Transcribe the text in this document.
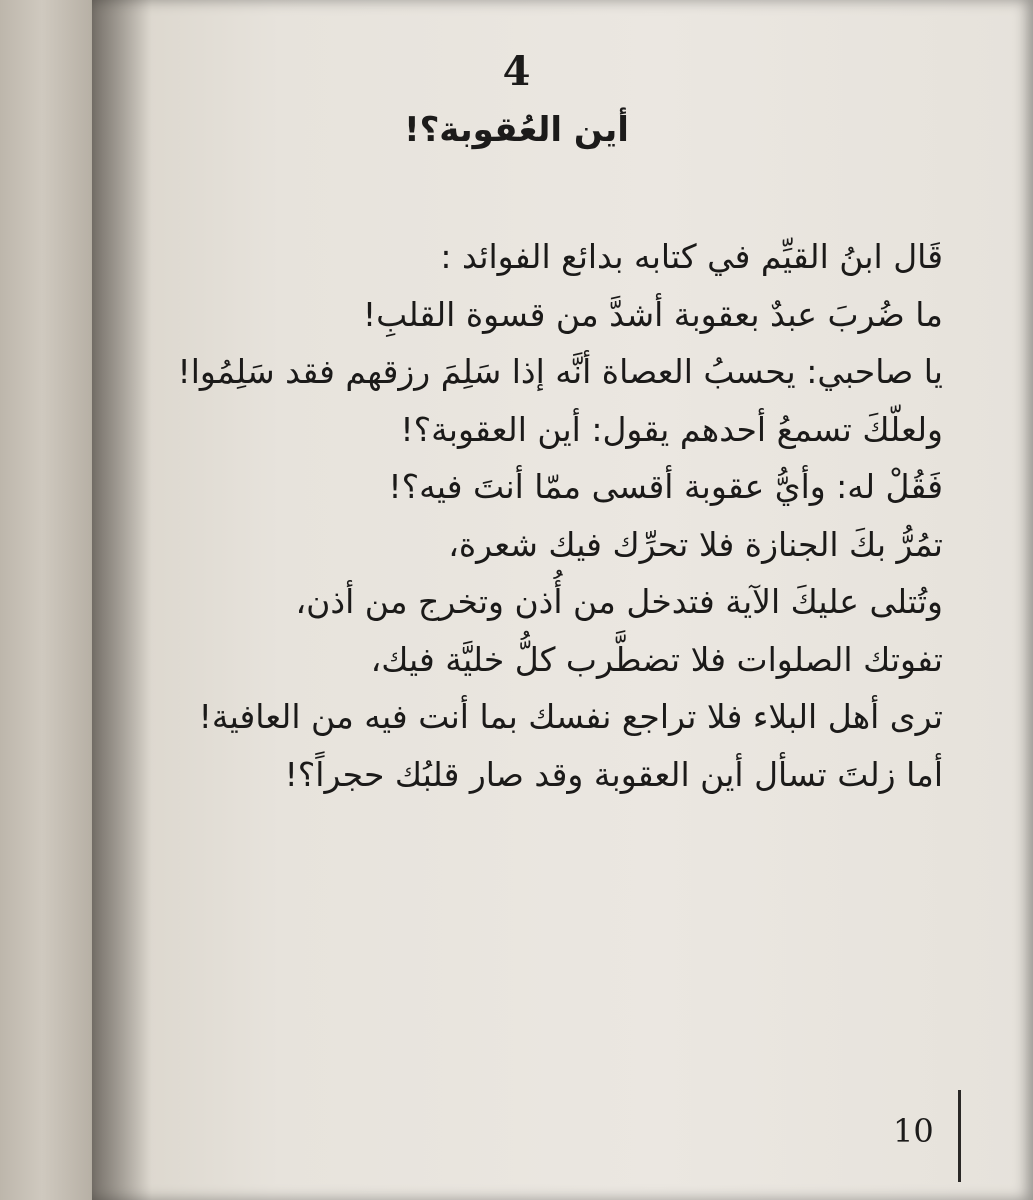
4
أين العُقوبة؟!
قَال ابنُ القيِّم في كتابه بدائع الفوائد :
ما ضُربَ عبدٌ بعقوبة أشدَّ من قسوة القلبِ!
يا صاحبي: يحسبُ العصاة أنَّه إذا سَلِمَ رزقهم فقد سَلِمُوا!
ولعلّكَ تسمعُ أحدهم يقول: أين العقوبة؟!
فَقُلْ له: وأيُّ عقوبة أقسى ممّا أنتَ فيه؟!
تمُرُّ بكَ الجنازة فلا تحرِّك فيك شعرة،
وتُتلى عليكَ الآية فتدخل من أُذن وتخرج من أذن،
تفوتك الصلوات فلا تضطَّرب كلُّ خليَّة فيك،
ترى أهل البلاء فلا تراجع نفسك بما أنت فيه من العافية!
أما زلتَ تسأل أين العقوبة وقد صار قلبُك حجراً؟!
10
